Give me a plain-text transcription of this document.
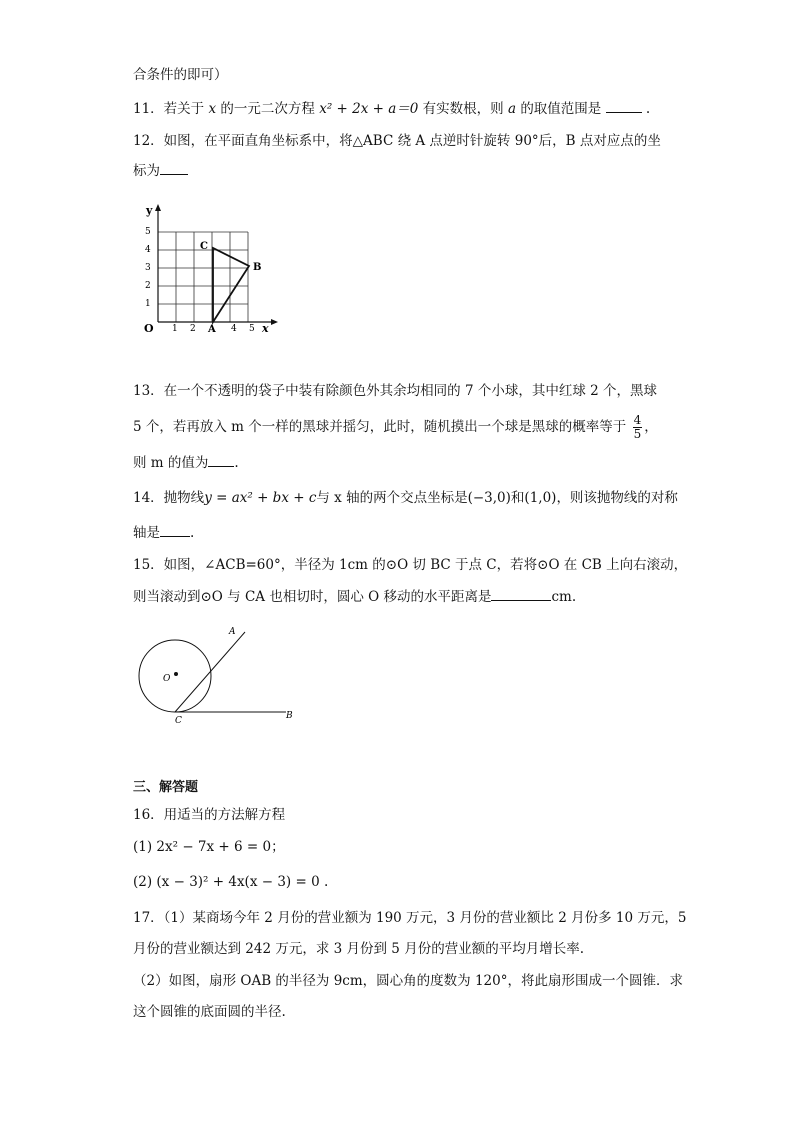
合条件的即可）
11．若关于 x 的一元二次方程 x² + 2x + a＝0 有实数根，则 a 的取值范围是	.
12．如图，在平面直角坐标系中，将△ABC 绕 A 点逆时针旋转 90°后，B 点对应点的坐
标为
y
x
O 1 2	4 5
1
2
3
4
5
A
B
C
13．在一个不透明的袋子中装有除颜色外其余均相同的 7 个小球，其中红球 2 个，黑球
5 个，若再放入 m 个一样的黑球并摇匀，此时，随机摸出一个球是黑球的概率等于 $\frac{4}{5}$ ，
则 m 的值为 .
14．抛物线y = ax² + bx + c与 x 轴的两个交点坐标是(−3,0)和(1,0)，则该抛物线的对称
轴是 .
15．如图，∠ACB=60°，半径为 1cm 的⊙O 切 BC 于点 C，若将⊙O 在 CB 上向右滚动，
则当滚动到⊙O 与 CA 也相切时，圆心 O 移动的水平距离是	cm.
O
A
B
C
三、解答题
16．用适当的方法解方程
(1) 2x² − 7x + 6 = 0；
(2) (x − 3)² + 4x(x − 3) = 0 .
17．（1）某商场今年 2 月份的营业额为 190 万元，3 月份的营业额比 2 月份多 10 万元，5
月份的营业额达到 242 万元，求 3 月份到 5 月份的营业额的平均月增长率.
（2）如图，扇形 OAB 的半径为 9cm，圆心角的度数为 120°，将此扇形围成一个圆锥．求
这个圆锥的底面圆的半径.
